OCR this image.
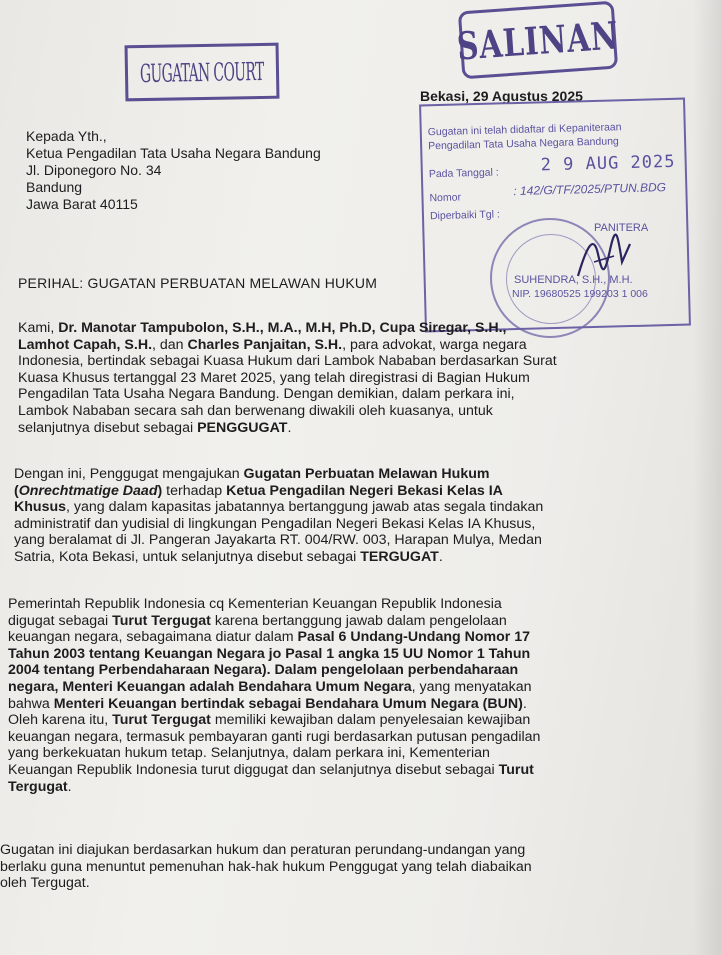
GUGATAN COURT
SALINAN
Bekasi, 29 Agustus 2025
Gugatan ini telah didaftar di Kepaniteraan
Pengadilan Tata Usaha Negara Bandung
Pada Tanggal : 2 9 AUG 2025
Nomor	: 142/G/TF/2025/PTUN.BDG
Diperbaiki Tgl :
PANITERA
SUHENDRA, S.H., M.H.
NIP. 19680525 199203 1 006
Kepada Yth.,
Ketua Pengadilan Tata Usaha Negara Bandung
Jl. Diponegoro No. 34
Bandung
Jawa Barat 40115
PERIHAL: GUGATAN PERBUATAN MELAWAN HUKUM
Kami, Dr. Manotar Tampubolon, S.H., M.A., M.H, Ph.D, Cupa Siregar, S.H.,
Lamhot Capah, S.H., dan Charles Panjaitan, S.H., para advokat, warga negara
Indonesia, bertindak sebagai Kuasa Hukum dari Lambok Nababan berdasarkan Surat
Kuasa Khusus tertanggal 23 Maret 2025, yang telah diregistrasi di Bagian Hukum
Pengadilan Tata Usaha Negara Bandung. Dengan demikian, dalam perkara ini,
Lambok Nababan secara sah dan berwenang diwakili oleh kuasanya, untuk
selanjutnya disebut sebagai PENGGUGAT.
Dengan ini, Penggugat mengajukan Gugatan Perbuatan Melawan Hukum
(Onrechtmatige Daad) terhadap Ketua Pengadilan Negeri Bekasi Kelas IA
Khusus, yang dalam kapasitas jabatannya bertanggung jawab atas segala tindakan
administratif dan yudisial di lingkungan Pengadilan Negeri Bekasi Kelas IA Khusus,
yang beralamat di Jl. Pangeran Jayakarta RT. 004/RW. 003, Harapan Mulya, Medan
Satria, Kota Bekasi, untuk selanjutnya disebut sebagai TERGUGAT.
Pemerintah Republik Indonesia cq Kementerian Keuangan Republik Indonesia
digugat sebagai Turut Tergugat karena bertanggung jawab dalam pengelolaan
keuangan negara, sebagaimana diatur dalam Pasal 6 Undang-Undang Nomor 17
Tahun 2003 tentang Keuangan Negara jo Pasal 1 angka 15 UU Nomor 1 Tahun
2004 tentang Perbendaharaan Negara). Dalam pengelolaan perbendaharaan
negara, Menteri Keuangan adalah Bendahara Umum Negara, yang menyatakan
bahwa Menteri Keuangan bertindak sebagai Bendahara Umum Negara (BUN).
Oleh karena itu, Turut Tergugat memiliki kewajiban dalam penyelesaian kewajiban
keuangan negara, termasuk pembayaran ganti rugi berdasarkan putusan pengadilan
yang berkekuatan hukum tetap. Selanjutnya, dalam perkara ini, Kementerian
Keuangan Republik Indonesia turut diggugat dan selanjutnya disebut sebagai Turut
Tergugat.
Gugatan ini diajukan berdasarkan hukum dan peraturan perundang-undangan yang
berlaku guna menuntut pemenuhan hak-hak hukum Penggugat yang telah diabaikan
oleh Tergugat.
